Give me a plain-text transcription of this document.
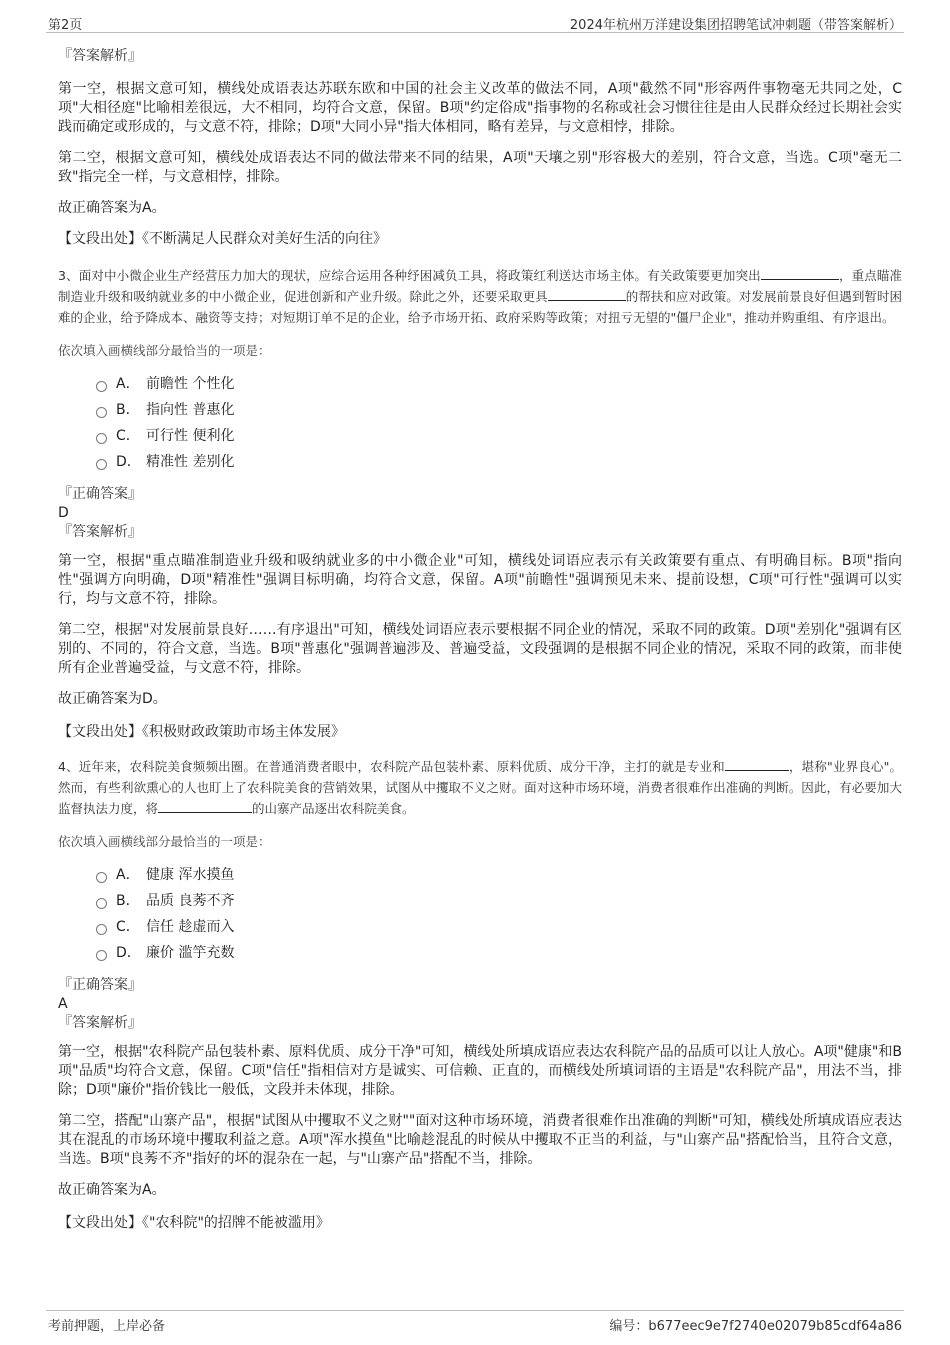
第2页	2024年杭州万洋建设集团招聘笔试冲刺题（带答案解析）

『答案解析』

第一空，根据文意可知，横线处成语表达苏联东欧和中国的社会主义改革的做法不同，A项"截然不同"形容两件事物毫无共同之处，C项"大相径庭"比喻相差很远，大不相同，均符合文意，保留。B项"约定俗成"指事物的名称或社会习惯往往是由人民群众经过长期社会实践而确定或形成的，与文意不符，排除；D项"大同小异"指大体相同，略有差异，与文意相悖，排除。

第二空，根据文意可知，横线处成语表达不同的做法带来不同的结果，A项"天壤之别"形容极大的差别，符合文意，当选。C项"毫无二致"指完全一样，与文意相悖，排除。

故正确答案为A。

【文段出处】《不断满足人民群众对美好生活的向往》

3、面对中小微企业生产经营压力加大的现状，应综合运用各种纾困减负工具，将政策红利送达市场主体。有关政策要更加突出	，重点瞄准制造业升级和吸纳就业多的中小微企业，促进创新和产业升级。除此之外，还要采取更具	的帮扶和应对政策。对发展前景良好但遇到暂时困难的企业，给予降成本、融资等支持；对短期订单不足的企业，给予市场开拓、政府采购等政策；对扭亏无望的"僵尸企业"，推动并购重组、有序退出。

依次填入画横线部分最恰当的一项是：

A． 前瞻性 个性化
B． 指向性 普惠化
C． 可行性 便利化
D． 精准性 差别化

『正确答案』

D

『答案解析』

第一空，根据"重点瞄准制造业升级和吸纳就业多的中小微企业"可知，横线处词语应表示有关政策要有重点、有明确目标。B项"指向性"强调方向明确，D项"精准性"强调目标明确，均符合文意，保留。A项"前瞻性"强调预见未来、提前设想，C项"可行性"强调可以实行，均与文意不符，排除。

第二空，根据"对发展前景良好……有序退出"可知，横线处词语应表示要根据不同企业的情况，采取不同的政策。D项"差别化"强调有区别的、不同的，符合文意，当选。B项"普惠化"强调普遍涉及、普遍受益，文段强调的是根据不同企业的情况，采取不同的政策，而非使所有企业普遍受益，与文意不符，排除。

故正确答案为D。

【文段出处】《积极财政政策助市场主体发展》

4、近年来，农科院美食频频出圈。在普通消费者眼中，农科院产品包装朴素、原料优质、成分干净，主打的就是专业和	，堪称"业界良心"。然而，有些利欲熏心的人也盯上了农科院美食的营销效果，试图从中攫取不义之财。面对这种市场环境，消费者很难作出准确的判断。因此，有必要加大监督执法力度，将	的山寨产品逐出农科院美食。

依次填入画横线部分最恰当的一项是：

A． 健康 浑水摸鱼
B． 品质 良莠不齐
C． 信任 趁虚而入
D． 廉价 滥竽充数

『正确答案』

A

『答案解析』

第一空，根据"农科院产品包装朴素、原料优质、成分干净"可知，横线处所填成语应表达农科院产品的品质可以让人放心。A项"健康"和B项"品质"均符合文意，保留。C项"信任"指相信对方是诚实、可信赖、正直的，而横线处所填词语的主语是"农科院产品"，用法不当，排除；D项"廉价"指价钱比一般低，文段并未体现，排除。

第二空，搭配"山寨产品"，根据"试图从中攫取不义之财""面对这种市场环境，消费者很难作出准确的判断"可知，横线处所填成语应表达其在混乱的市场环境中攫取利益之意。A项"浑水摸鱼"比喻趁混乱的时候从中攫取不正当的利益，与"山寨产品"搭配恰当，且符合文意，当选。B项"良莠不齐"指好的坏的混杂在一起，与"山寨产品"搭配不当，排除。

故正确答案为A。

【文段出处】《"农科院"的招牌不能被滥用》

考前押题，上岸必备	编号：b677eec9e7f2740e02079b85cdf64a86
